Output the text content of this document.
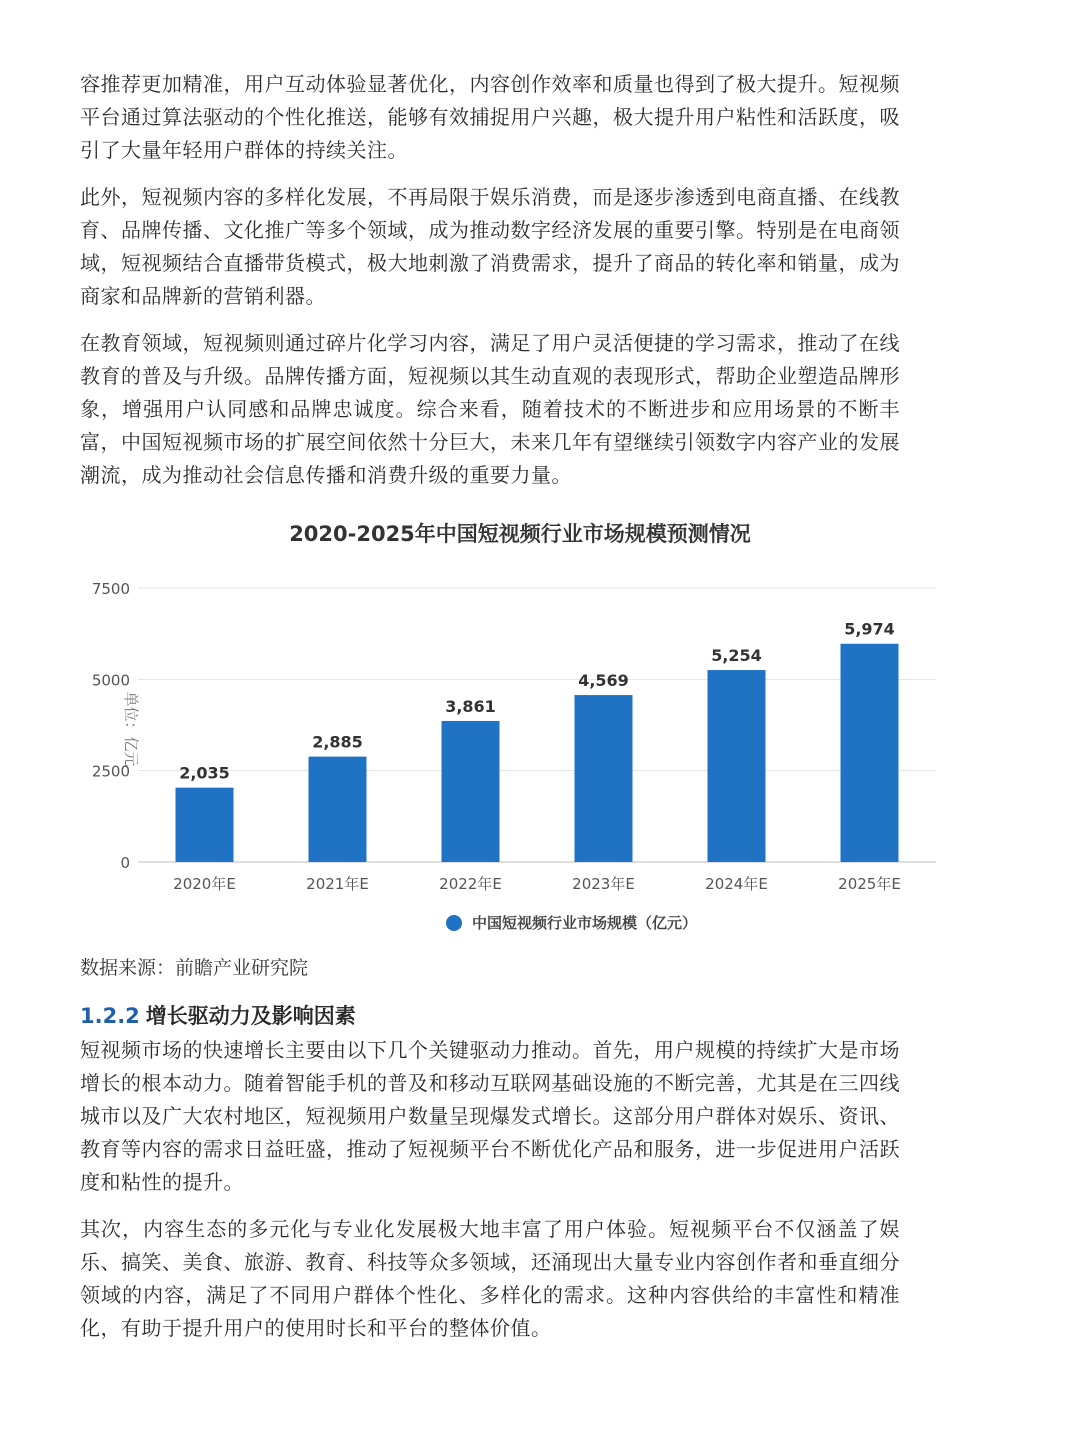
容推荐更加精准，用户互动体验显著优化，内容创作效率和质量也得到了极大提升。短视频平台通过算法驱动的个性化推送，能够有效捕捉用户兴趣，极大提升用户粘性和活跃度，吸引了大量年轻用户群体的持续关注。

此外，短视频内容的多样化发展，不再局限于娱乐消费，而是逐步渗透到电商直播、在线教育、品牌传播、文化推广等多个领域，成为推动数字经济发展的重要引擎。特别是在电商领域，短视频结合直播带货模式，极大地刺激了消费需求，提升了商品的转化率和销量，成为商家和品牌新的营销利器。

在教育领域，短视频则通过碎片化学习内容，满足了用户灵活便捷的学习需求，推动了在线教育的普及与升级。品牌传播方面，短视频以其生动直观的表现形式，帮助企业塑造品牌形象，增强用户认同感和品牌忠诚度。综合来看，随着技术的不断进步和应用场景的不断丰富，中国短视频市场的扩展空间依然十分巨大，未来几年有望继续引领数字内容产业的发展潮流，成为推动社会信息传播和消费升级的重要力量。

2020-2025年中国短视频行业市场规模预测情况
0
2500
5000
7500
单位：亿元
2,035
2020年E
2,885
2021年E
3,861
2022年E
4,569
2023年E
5,254
2024年E
5,974
2025年E
中国短视频行业市场规模（亿元）
数据来源：前瞻产业研究院
1.2.2 增长驱动力及影响因素

短视频市场的快速增长主要由以下几个关键驱动力推动。首先，用户规模的持续扩大是市场增长的根本动力。随着智能手机的普及和移动互联网基础设施的不断完善，尤其是在三四线城市以及广大农村地区，短视频用户数量呈现爆发式增长。这部分用户群体对娱乐、资讯、教育等内容的需求日益旺盛，推动了短视频平台不断优化产品和服务，进一步促进用户活跃度和粘性的提升。

其次，内容生态的多元化与专业化发展极大地丰富了用户体验。短视频平台不仅涵盖了娱乐、搞笑、美食、旅游、教育、科技等众多领域，还涌现出大量专业内容创作者和垂直细分领域的内容，满足了不同用户群体个性化、多样化的需求。这种内容供给的丰富性和精准化，有助于提升用户的使用时长和平台的整体价值。
